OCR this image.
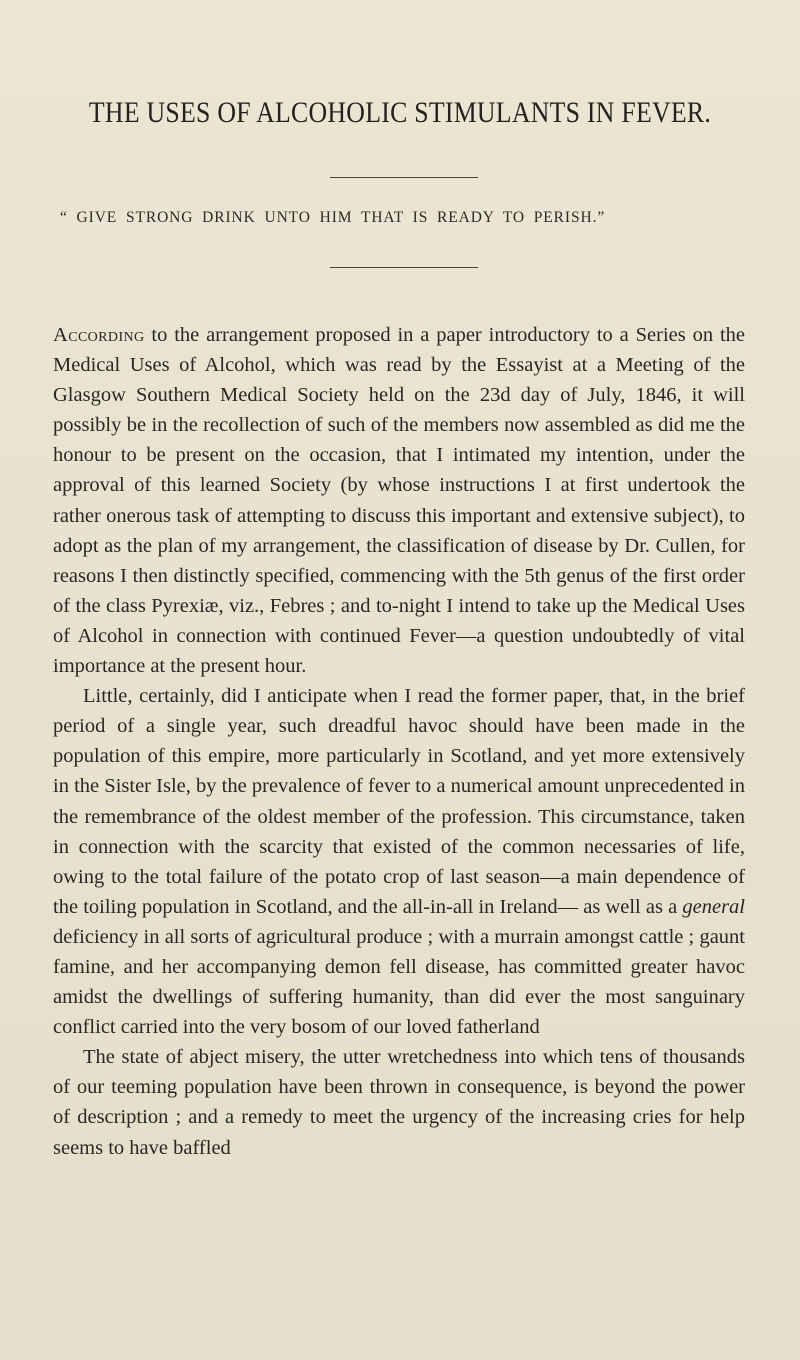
THE USES OF ALCOHOLIC STIMULANTS IN FEVER.
“ GIVE STRONG DRINK UNTO HIM THAT IS READY TO PERISH.”

According to the arrangement proposed in a paper introductory to a Series on the Medical Uses of Alcohol, which was read by the Essayist at a Meeting of the Glasgow Southern Medical Society held on the 23d day of July, 1846, it will possibly be in the recollection of such of the members now assembled as did me the honour to be present on the occasion, that I intimated my intention, under the approval of this learned Society (by whose instructions I at first undertook the rather onerous task of attempting to discuss this important and extensive subject), to adopt as the plan of my arrangement, the classification of disease by Dr. Cullen, for reasons I then distinctly specified, commencing with the 5th genus of the first order of the class Pyrexiæ, viz., Febres ; and to-night I intend to take up the Medical Uses of Alcohol in connection with continued Fever—a question undoubtedly of vital importance at the present hour.

Little, certainly, did I anticipate when I read the former paper, that, in the brief period of a single year, such dreadful havoc should have been made in the population of this empire, more particularly in Scotland, and yet more extensively in the Sister Isle, by the prevalence of fever to a numerical amount unprecedented in the remembrance of the oldest member of the profession. This circumstance, taken in connection with the scarcity that existed of the common necessaries of life, owing to the total failure of the potato crop of last season—a main dependence of the toiling population in Scotland, and the all-in-all in Ireland— as well as a general deficiency in all sorts of agricultural produce ; with a murrain amongst cattle ; gaunt famine, and her accompanying demon fell disease, has committed greater havoc amidst the dwellings of suffering humanity, than did ever the most sanguinary conflict carried into the very bosom of our loved fatherland

The state of abject misery, the utter wretchedness into which tens of thousands of our teeming population have been thrown in consequence, is beyond the power of description ; and a remedy to meet the urgency of the increasing cries for help seems to have baffled
